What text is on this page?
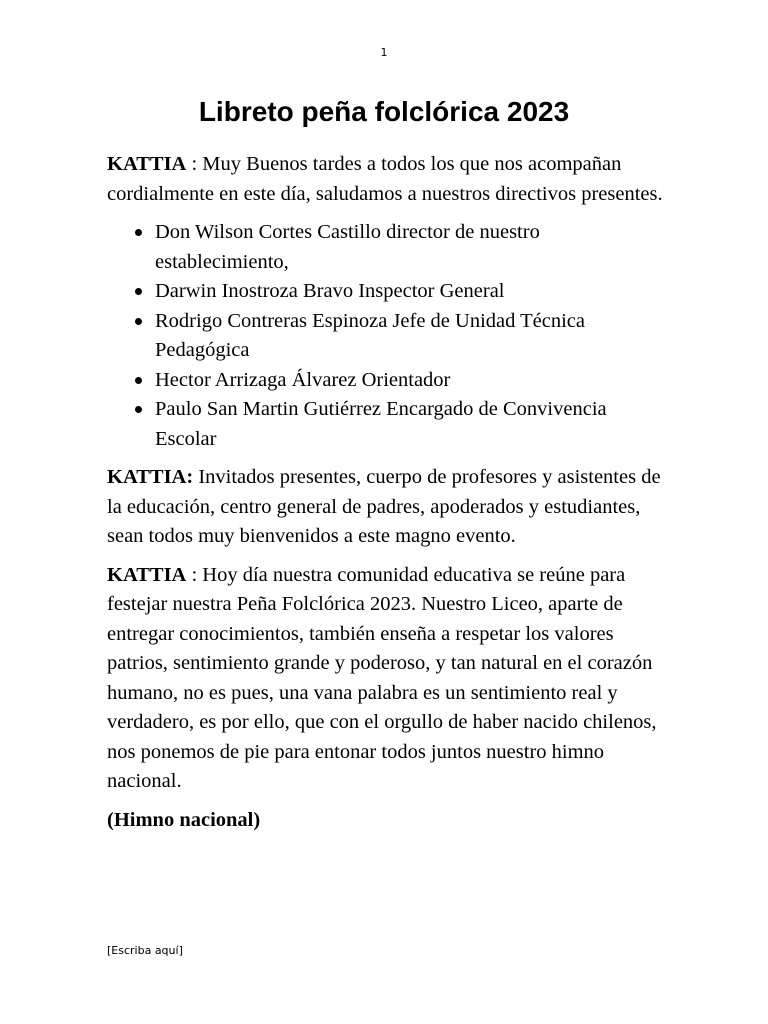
1
Libreto peña folclórica 2023

KATTIA : Muy Buenos tardes a todos los que nos acompañan cordialmente en este día, saludamos a nuestros directivos presentes.

Don Wilson Cortes Castillo director de nuestro establecimiento,
Darwin Inostroza Bravo Inspector General
Rodrigo Contreras Espinoza Jefe de Unidad Técnica Pedagógica
Hector Arrizaga Álvarez Orientador
Paulo San Martin Gutiérrez Encargado de Convivencia Escolar

KATTIA: Invitados presentes, cuerpo de profesores y asistentes de la educación, centro general de padres, apoderados y estudiantes, sean todos muy bienvenidos a este magno evento.

KATTIA : Hoy día nuestra comunidad educativa se reúne para festejar nuestra Peña Folclórica 2023. Nuestro Liceo, aparte de entregar conocimientos, también enseña a respetar los valores patrios, sentimiento grande y poderoso, y tan natural en el corazón humano, no es pues, una vana palabra es un sentimiento real y verdadero, es por ello, que con el orgullo de haber nacido chilenos, nos ponemos de pie para entonar todos juntos nuestro himno nacional.

(Himno nacional)

[Escriba aquí]
